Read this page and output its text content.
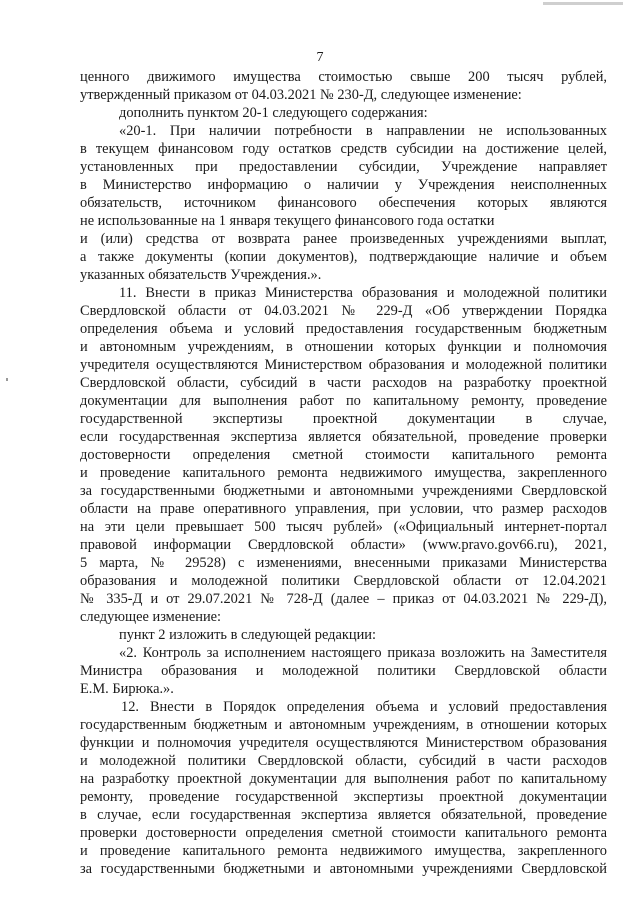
7
ценного движимого имущества стоимостью свыше 200 тысяч рублей,
утвержденный приказом от 04.03.2021 № 230-Д, следующее изменение:
дополнить пунктом 20-1 следующего содержания:
«20-1. При наличии потребности в направлении не использованных
в текущем финансовом году остатков средств субсидии на достижение целей,
установленных при предоставлении субсидии, Учреждение направляет
в Министерство информацию о наличии у Учреждения неисполненных
обязательств, источником финансового обеспечения которых являются
не использованные на 1 января текущего финансового года остатки
и (или) средства от возврата ранее произведенных учреждениями выплат,
а также документы (копии документов), подтверждающие наличие и объем
указанных обязательств Учреждения.».
11. Внести в приказ Министерства образования и молодежной политики
Свердловской области от 04.03.2021 № 229-Д «Об утверждении Порядка
определения объема и условий предоставления государственным бюджетным
и автономным учреждениям, в отношении которых функции и полномочия
учредителя осуществляются Министерством образования и молодежной политики
Свердловской области, субсидий в части расходов на разработку проектной
документации для выполнения работ по капитальному ремонту, проведение
государственной экспертизы проектной документации в случае,
если государственная экспертиза является обязательной, проведение проверки
достоверности определения сметной стоимости капитального ремонта
и проведение капитального ремонта недвижимого имущества, закрепленного
за государственными бюджетными и автономными учреждениями Свердловской
области на праве оперативного управления, при условии, что размер расходов
на эти цели превышает 500 тысяч рублей» («Официальный интернет-портал
правовой информации Свердловской области» (www.pravo.gov66.ru), 2021,
5 марта, № 29528) с изменениями, внесенными приказами Министерства
образования и молодежной политики Свердловской области от 12.04.2021
№ 335-Д и от 29.07.2021 № 728-Д (далее – приказ от 04.03.2021 № 229-Д),
следующее изменение:
пункт 2 изложить в следующей редакции:
«2. Контроль за исполнением настоящего приказа возложить на Заместителя
Министра образования и молодежной политики Свердловской области
Е.М. Бирюка.».
12. Внести в Порядок определения объема и условий предоставления
государственным бюджетным и автономным учреждениям, в отношении которых
функции и полномочия учредителя осуществляются Министерством образования
и молодежной политики Свердловской области, субсидий в части расходов
на разработку проектной документации для выполнения работ по капитальному
ремонту, проведение государственной экспертизы проектной документации
в случае, если государственная экспертиза является обязательной, проведение
проверки достоверности определения сметной стоимости капитального ремонта
и проведение капитального ремонта недвижимого имущества, закрепленного
за государственными бюджетными и автономными учреждениями Свердловской
